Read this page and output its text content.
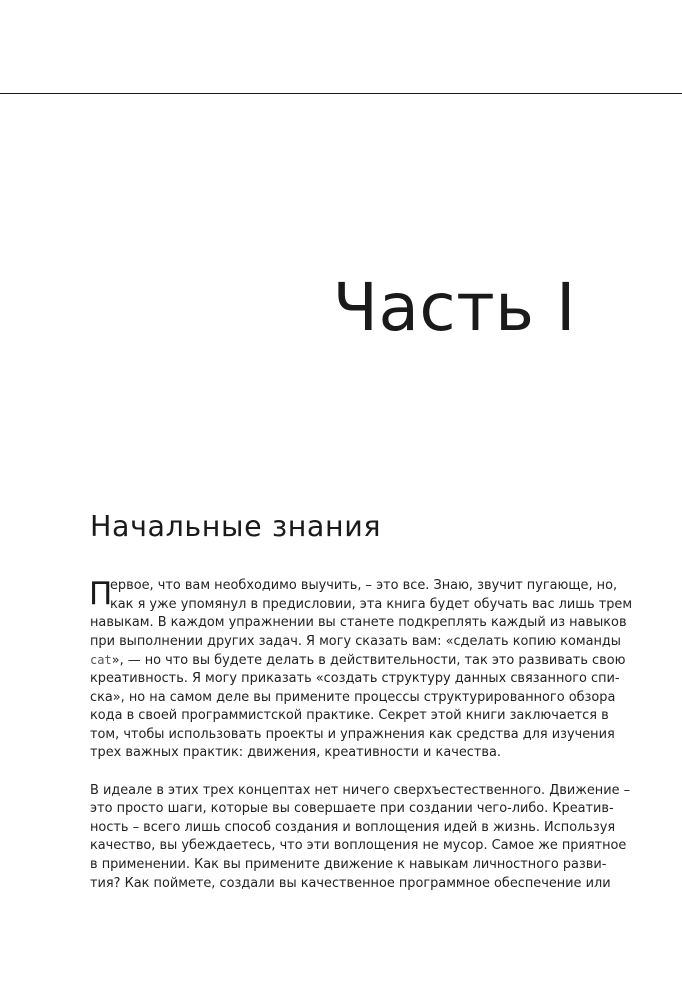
Часть I
Начальные знания
П
ервое, что вам необходимо выучить, – это все. Знаю, звучит пугающе, но,
как я уже упомянул в предисловии, эта книга будет обучать вас лишь трем
навыкам. В каждом упражнении вы станете подкреплять каждый из навыков
при выполнении других задач. Я могу сказать вам: «сделать копию команды
cat», — но что вы будете делать в действительности, так это развивать свою
креативность. Я могу приказать «создать структуру данных связанного спи-
ска», но на самом деле вы примените процессы структурированного обзора
кода в своей программистской практике. Секрет этой книги заключается в
том, чтобы использовать проекты и упражнения как средства для изучения
трех важных практик: движения, креативности и качества.
В идеале в этих трех концептах нет ничего сверхъестественного. Движение –
это просто шаги, которые вы совершаете при создании чего-либо. Креатив-
ность – всего лишь способ создания и воплощения идей в жизнь. Используя
качество, вы убеждаетесь, что эти воплощения не мусор. Самое же приятное
в применении. Как вы примените движение к навыкам личностного разви-
тия? Как поймете, создали вы качественное программное обеспечение или
